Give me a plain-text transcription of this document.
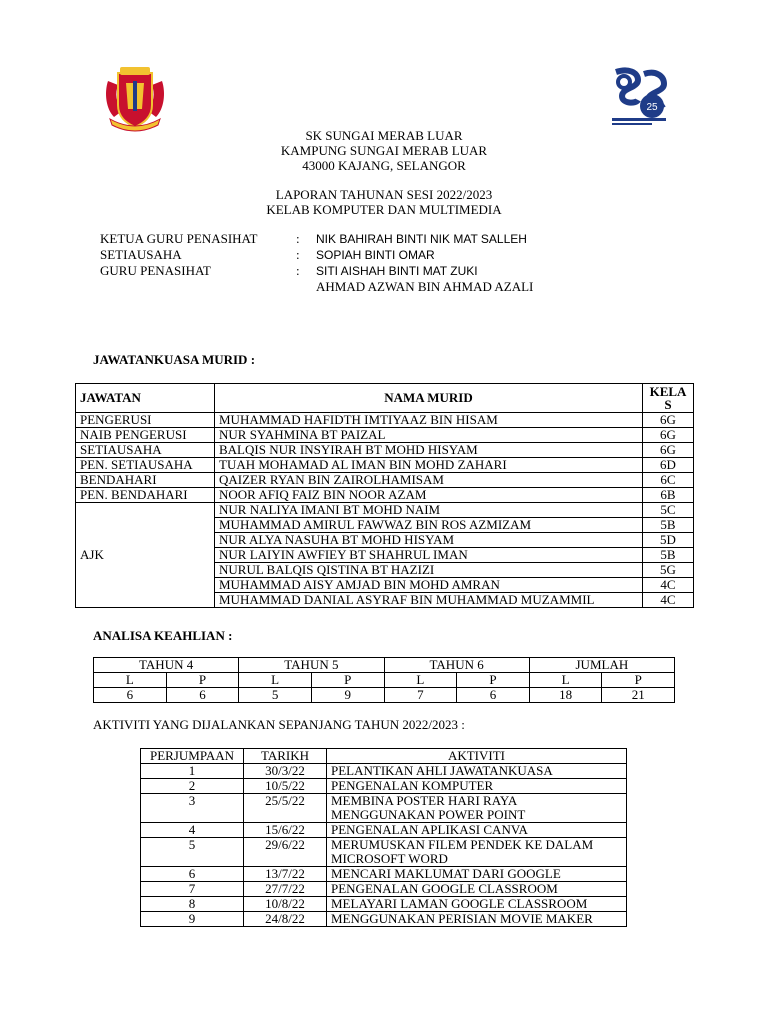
25
SK SUNGAI MERAB LUAR
KAMPUNG SUNGAI MERAB LUAR
43000 KAJANG, SELANGOR
LAPORAN TAHUNAN SESI 2022/2023
KELAB KOMPUTER DAN MULTIMEDIA
KETUA GURU PENASIHAT	:	NIK BAHIRAH BINTI NIK MAT SALLEH
SETIAUSAHA	:	SOPIAH BINTI OMAR
GURU PENASIHAT	:	SITI AISHAH BINTI MAT ZUKI
AHMAD AZWAN BIN AHMAD AZALI
JAWATANKUASA MURID :
JAWATAN	NAMA MURID	KELA
S
PENGERUSI	MUHAMMAD HAFIDTH IMTIYAAZ BIN HISAM	6G
NAIB PENGERUSI	NUR SYAHMINA BT PAIZAL	6G
SETIAUSAHA	BALQIS NUR INSYIRAH BT MOHD HISYAM	6G
PEN. SETIAUSAHA	TUAH MOHAMAD AL IMAN BIN MOHD ZAHARI	6D
BENDAHARI	QAIZER RYAN BIN ZAIROLHAMISAM	6C
PEN. BENDAHARI	NOOR AFIQ FAIZ BIN NOOR AZAM	6B
AJK	NUR NALIYA IMANI BT MOHD NAIM	5C
	MUHAMMAD AMIRUL FAWWAZ BIN ROS AZMIZAM	5B
	NUR ALYA NASUHA BT MOHD HISYAM	5D
	NUR LAIYIN AWFIEY BT SHAHRUL IMAN	5B
	NURUL BALQIS QISTINA BT HAZIZI	5G
	MUHAMMAD AISY AMJAD BIN MOHD AMRAN	4C
	MUHAMMAD DANIAL ASYRAF BIN MUHAMMAD MUZAMMIL	4C
ANALISA KEAHLIAN :
TAHUN 4		TAHUN 5		TAHUN 6		JUMLAH	
L	P	L	P	L	P	L	P
6	6	5	9	7	6	18	21
AKTIVITI YANG DIJALANKAN SEPANJANG TAHUN 2022/2023 :
PERJUMPAAN	TARIKH	AKTIVITI
1	30/3/22	PELANTIKAN AHLI JAWATANKUASA
2	10/5/22	PENGENALAN KOMPUTER
3	25/5/22	MEMBINA POSTER HARI RAYA
MENGGUNAKAN POWER POINT
4	15/6/22	PENGENALAN APLIKASI CANVA
5	29/6/22	MERUMUSKAN FILEM PENDEK KE DALAM
MICROSOFT WORD
6	13/7/22	MENCARI MAKLUMAT DARI GOOGLE
7	27/7/22	PENGENALAN GOOGLE CLASSROOM
8	10/8/22	MELAYARI LAMAN GOOGLE CLASSROOM
9	24/8/22	MENGGUNAKAN PERISIAN MOVIE MAKER
